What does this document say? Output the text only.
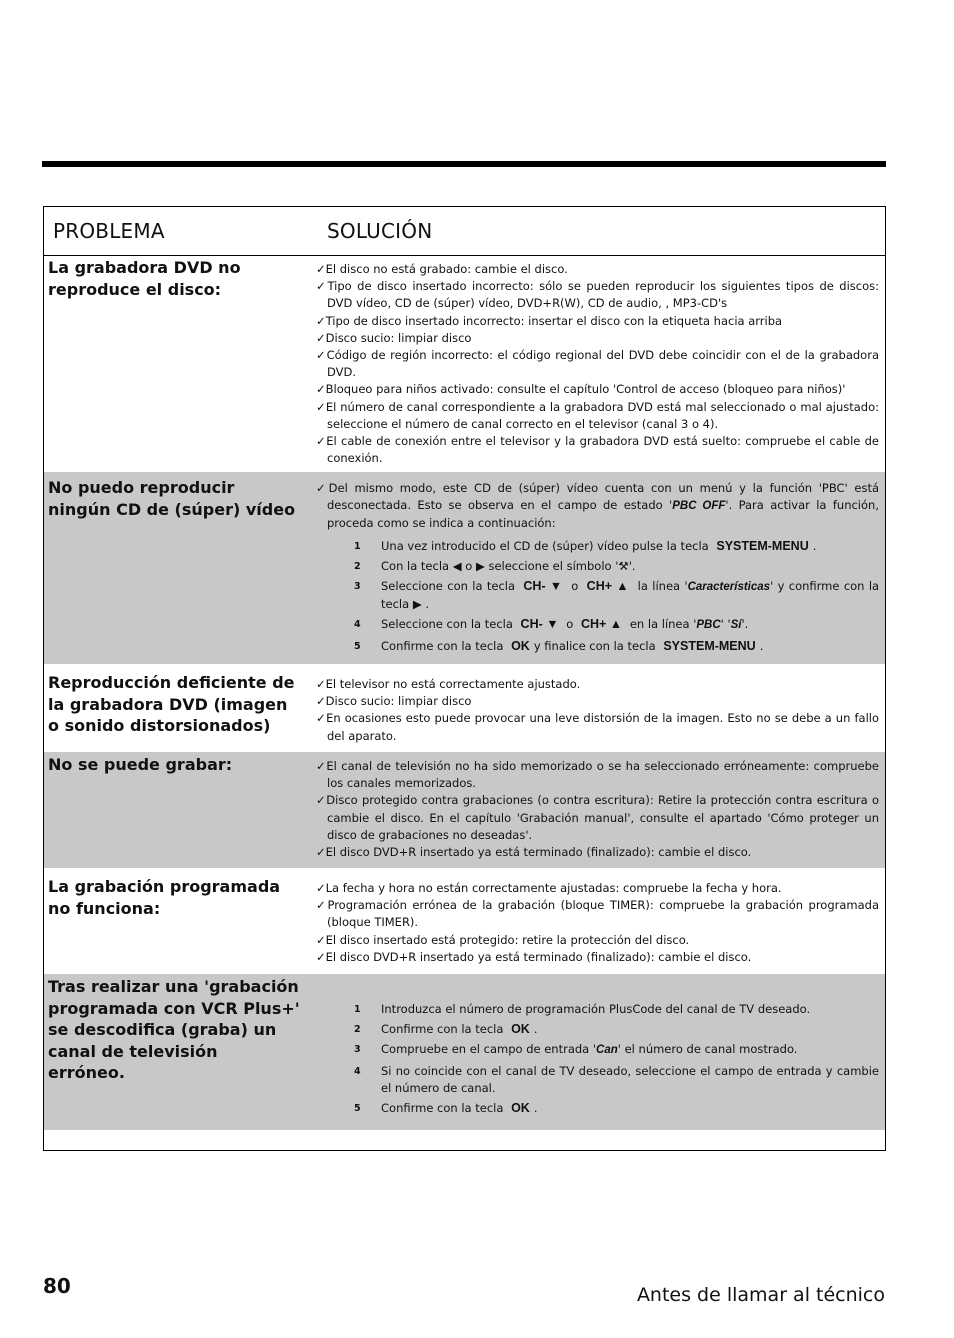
PROBLEMA	SOLUCIÓN
La grabadora DVD no reproduce el disco:
✓El disco no está grabado: cambie el disco.
✓Tipo de disco insertado incorrecto: sólo se pueden reproducir los siguientes tipos de discos: DVD vídeo, CD de (súper) vídeo, DVD+R(W), CD de audio, , MP3-CD's
✓Tipo de disco insertado incorrecto: insertar el disco con la etiqueta hacia arriba
✓Disco sucio: limpiar disco
✓Código de región incorrecto: el código regional del DVD debe coincidir con el de la grabadora DVD.
✓Bloqueo para niños activado: consulte el capítulo 'Control de acceso (bloqueo para niños)'
✓El número de canal correspondiente a la grabadora DVD está mal seleccionado o mal ajustado: seleccione el número de canal correcto en el televisor (canal 3 o 4).
✓El cable de conexión entre el televisor y la grabadora DVD está suelto: compruebe el cable de conexión.
No puedo reproducir ningún CD de (súper) vídeo
✓Del mismo modo, este CD de (súper) vídeo cuenta con un menú y la función 'PBC' está desconectada. Esto se observa en el campo de estado 'PBC OFF'. Para activar la función, proceda como se indica a continuación:
1 Una vez introducido el CD de (súper) vídeo pulse la tecla SYSTEM-MENU .
2 Con la tecla ◀ o ▶ seleccione el símbolo '⚒'.
3 Seleccione con la tecla CH- ▼ o CH+ ▲ la línea 'Características' y confirme con la tecla ▶ .
4 Seleccione con la tecla CH- ▼ o CH+ ▲ en la línea 'PBC' 'Sí'.
5 Confirme con la tecla OK y finalice con la tecla SYSTEM-MENU .
Reproducción deficiente de la grabadora DVD (imagen o sonido distorsionados)
✓El televisor no está correctamente ajustado.
✓Disco sucio: limpiar disco
✓En ocasiones esto puede provocar una leve distorsión de la imagen. Esto no se debe a un fallo del aparato.
No se puede grabar:	✓El canal de televisión no ha sido memorizado o se ha seleccionado erróneamente: compruebe los canales memorizados.
✓Disco protegido contra grabaciones (o contra escritura): Retire la protección contra escritura o cambie el disco. En el capítulo 'Grabación manual', consulte el apartado 'Cómo proteger un disco de grabaciones no deseadas'.
✓El disco DVD+R insertado ya está terminado (finalizado): cambie el disco.
La grabación programada no funciona:
✓La fecha y hora no están correctamente ajustadas: compruebe la fecha y hora.
✓Programación errónea de la grabación (bloque TIMER): compruebe la grabación programada (bloque TIMER).
✓El disco insertado está protegido: retire la protección del disco.
✓El disco DVD+R insertado ya está terminado (finalizado): cambie el disco.
Tras realizar una 'grabación programada con VCR Plus+' se descodifica (graba) un canal de televisión erróneo.
1 Introduzca el número de programación PlusCode del canal de TV deseado.
2 Confirme con la tecla OK .
3 Compruebe en el campo de entrada 'Can' el número de canal mostrado.
4 Si no coincide con el canal de TV deseado, seleccione el campo de entrada y cambie el número de canal.
5 Confirme con la tecla OK .
80	Antes de llamar al técnico
